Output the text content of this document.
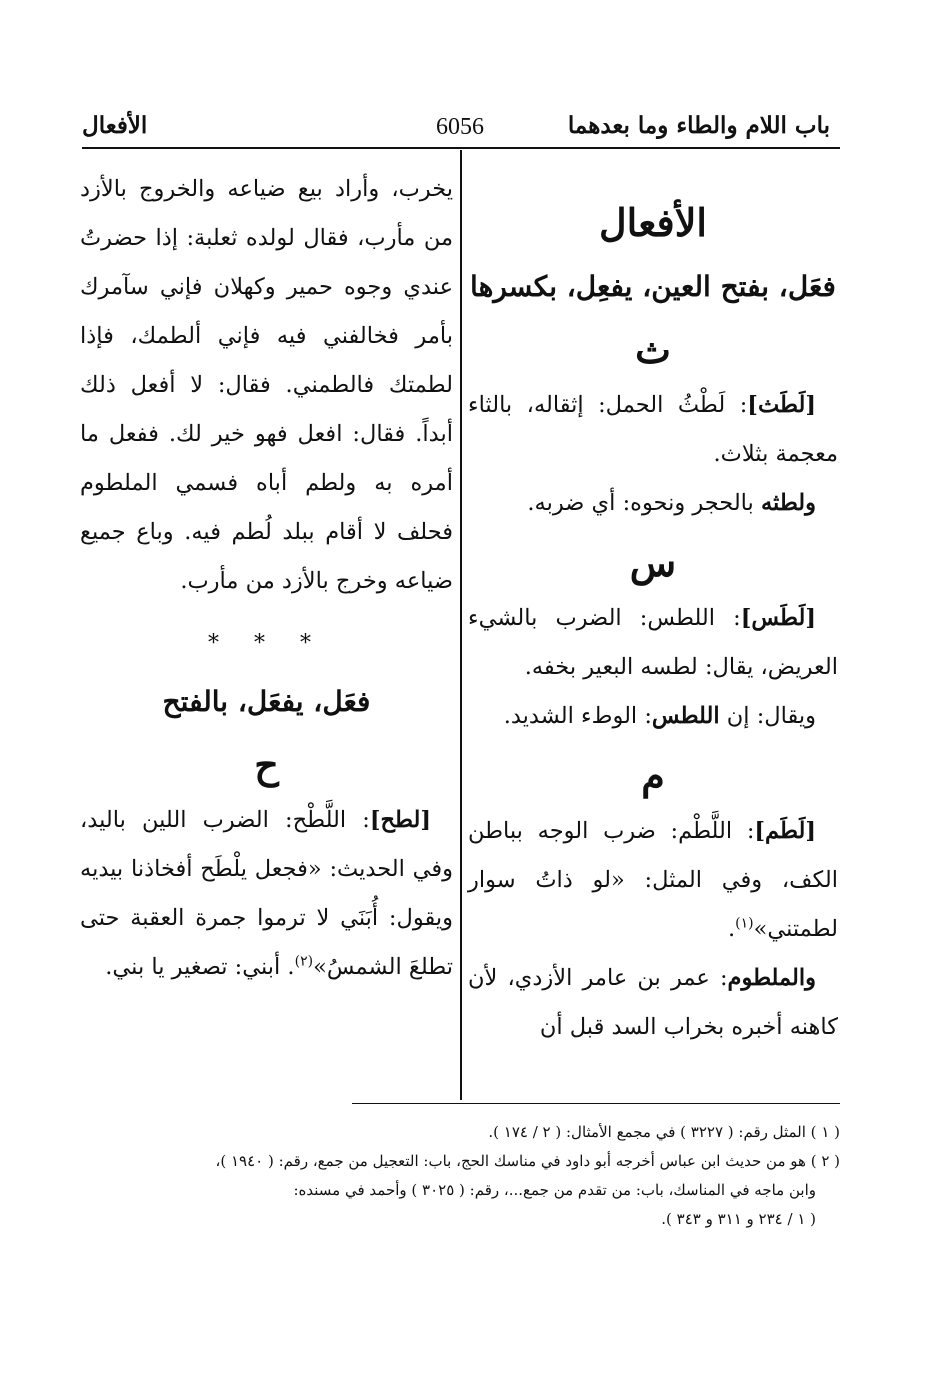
باب اللام والطاء وما بعدهما
6056
الأفعال
الأفعال
فعَل، بفتح العين، يفعِل، بكسرها
ث

[لَطَث]: لَطْثُ الحمل: إثقاله، بالثاء معجمة بثلاث.

ولطثه بالحجر ونحوه: أي ضربه.

س

[لَطَس]: اللطس: الضرب بالشيء العريض، يقال: لطسه البعير بخفه.

ويقال: إن اللطس: الوطء الشديد.

م

[لَطَم]: اللَّطْم: ضرب الوجه بباطن الكف، وفي المثل: «لو ذاتُ سوار لطمتني»$^{(١)}$.

والملطوم: عمر بن عامر الأزدي، لأن كاهنه أخبره بخراب السد قبل أن

يخرب، وأراد بيع ضياعه والخروج بالأزد من مأرب، فقال لولده ثعلبة: إذا حضرتُ عندي وجوه حمير وكهلان فإني سآمرك بأمر فخالفني فيه فإني ألطمك، فإذا لطمتك فالطمني. فقال: لا أفعل ذلك أبداً. فقال: افعل فهو خير لك. ففعل ما أمره به ولطم أباه فسمي الملطوم فحلف لا أقام ببلد لُطم فيه. وباع جميع ضياعه وخرج بالأزد من مأرب.

* * *
فعَل، يفعَل، بالفتح
ح

[لطح]: اللَّطْح: الضرب اللين باليد، وفي الحديث: «فجعل يلْطَح أفخاذنا بيديه ويقول: أُبَنَي لا ترموا جمرة العقبة حتى تطلعَ الشمسُ»$^{(٢)}$. أبني: تصغير يا بني.

( ١ ) المثل رقم: ( ٣٢٢٧ ) في مجمع الأمثال: ( ٢ / ١٧٤ ).

( ٢ ) هو من حديث ابن عباس أخرجه أبو داود في مناسك الحج، باب: التعجيل من جمع، رقم: ( ١٩٤٠ )،

وابن ماجه في المناسك، باب: من تقدم من جمع...، رقم: ( ٣٠٢٥ ) وأحمد في مسنده:

( ١ / ٢٣٤ و ٣١١ و ٣٤٣ ).
